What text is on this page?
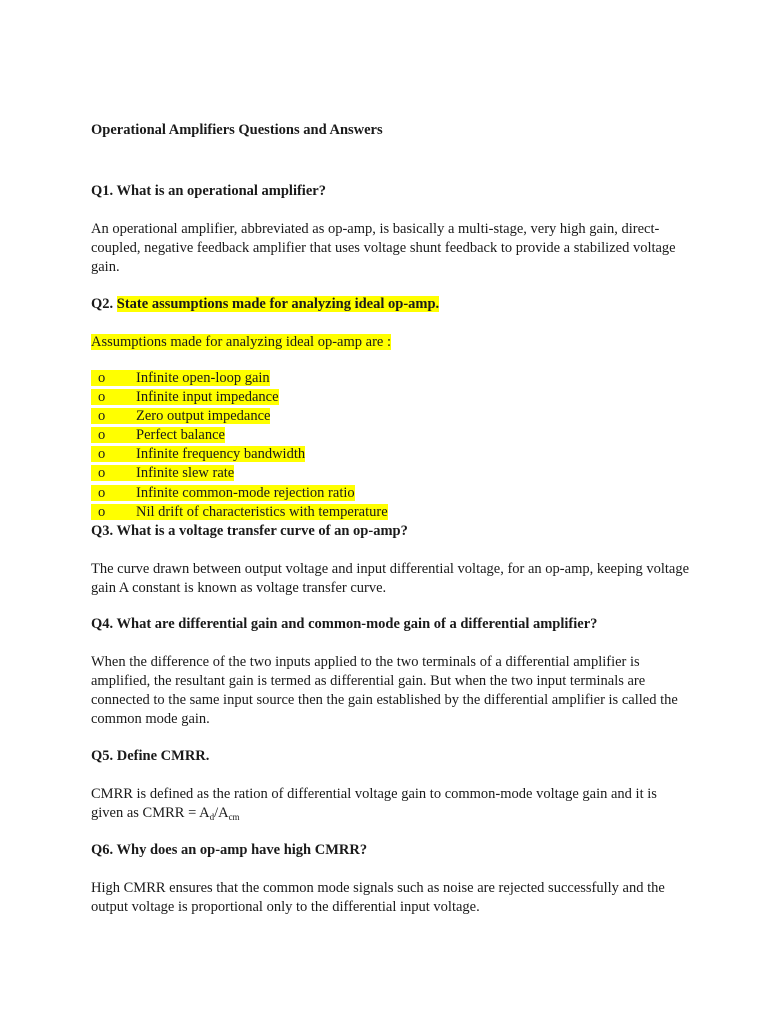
Operational Amplifiers Questions and Answers
Q1. What is an operational amplifier?
An operational amplifier, abbreviated as op-amp, is basically a multi-stage, very high gain, direct-coupled, negative feedback amplifier that uses voltage shunt feedback to provide a stabilized voltage gain.
Q2. State assumptions made for analyzing ideal op-amp.
Assumptions made for analyzing ideal op-amp are :
o Infinite open-loop gain
o Infinite input impedance
o Zero output impedance
o Perfect balance
o Infinite frequency bandwidth
o Infinite slew rate
o Infinite common-mode rejection ratio
o Nil drift of characteristics with temperature
Q3. What is a voltage transfer curve of an op-amp?
The curve drawn between output voltage and input differential voltage, for an op-amp, keeping voltage gain A constant is known as voltage transfer curve.
Q4. What are differential gain and common-mode gain of a differential amplifier?
When the difference of the two inputs applied to the two terminals of a differential amplifier is amplified, the resultant gain is termed as differential gain. But when the two input terminals are connected to the same input source then the gain established by the differential amplifier is called the common mode gain.
Q5. Define CMRR.
CMRR is defined as the ration of differential voltage gain to common-mode voltage gain and it is given as CMRR = $A_d/A_{cm}$
Q6. Why does an op-amp have high CMRR?
High CMRR ensures that the common mode signals such as noise are rejected successfully and the output voltage is proportional only to the differential input voltage.
